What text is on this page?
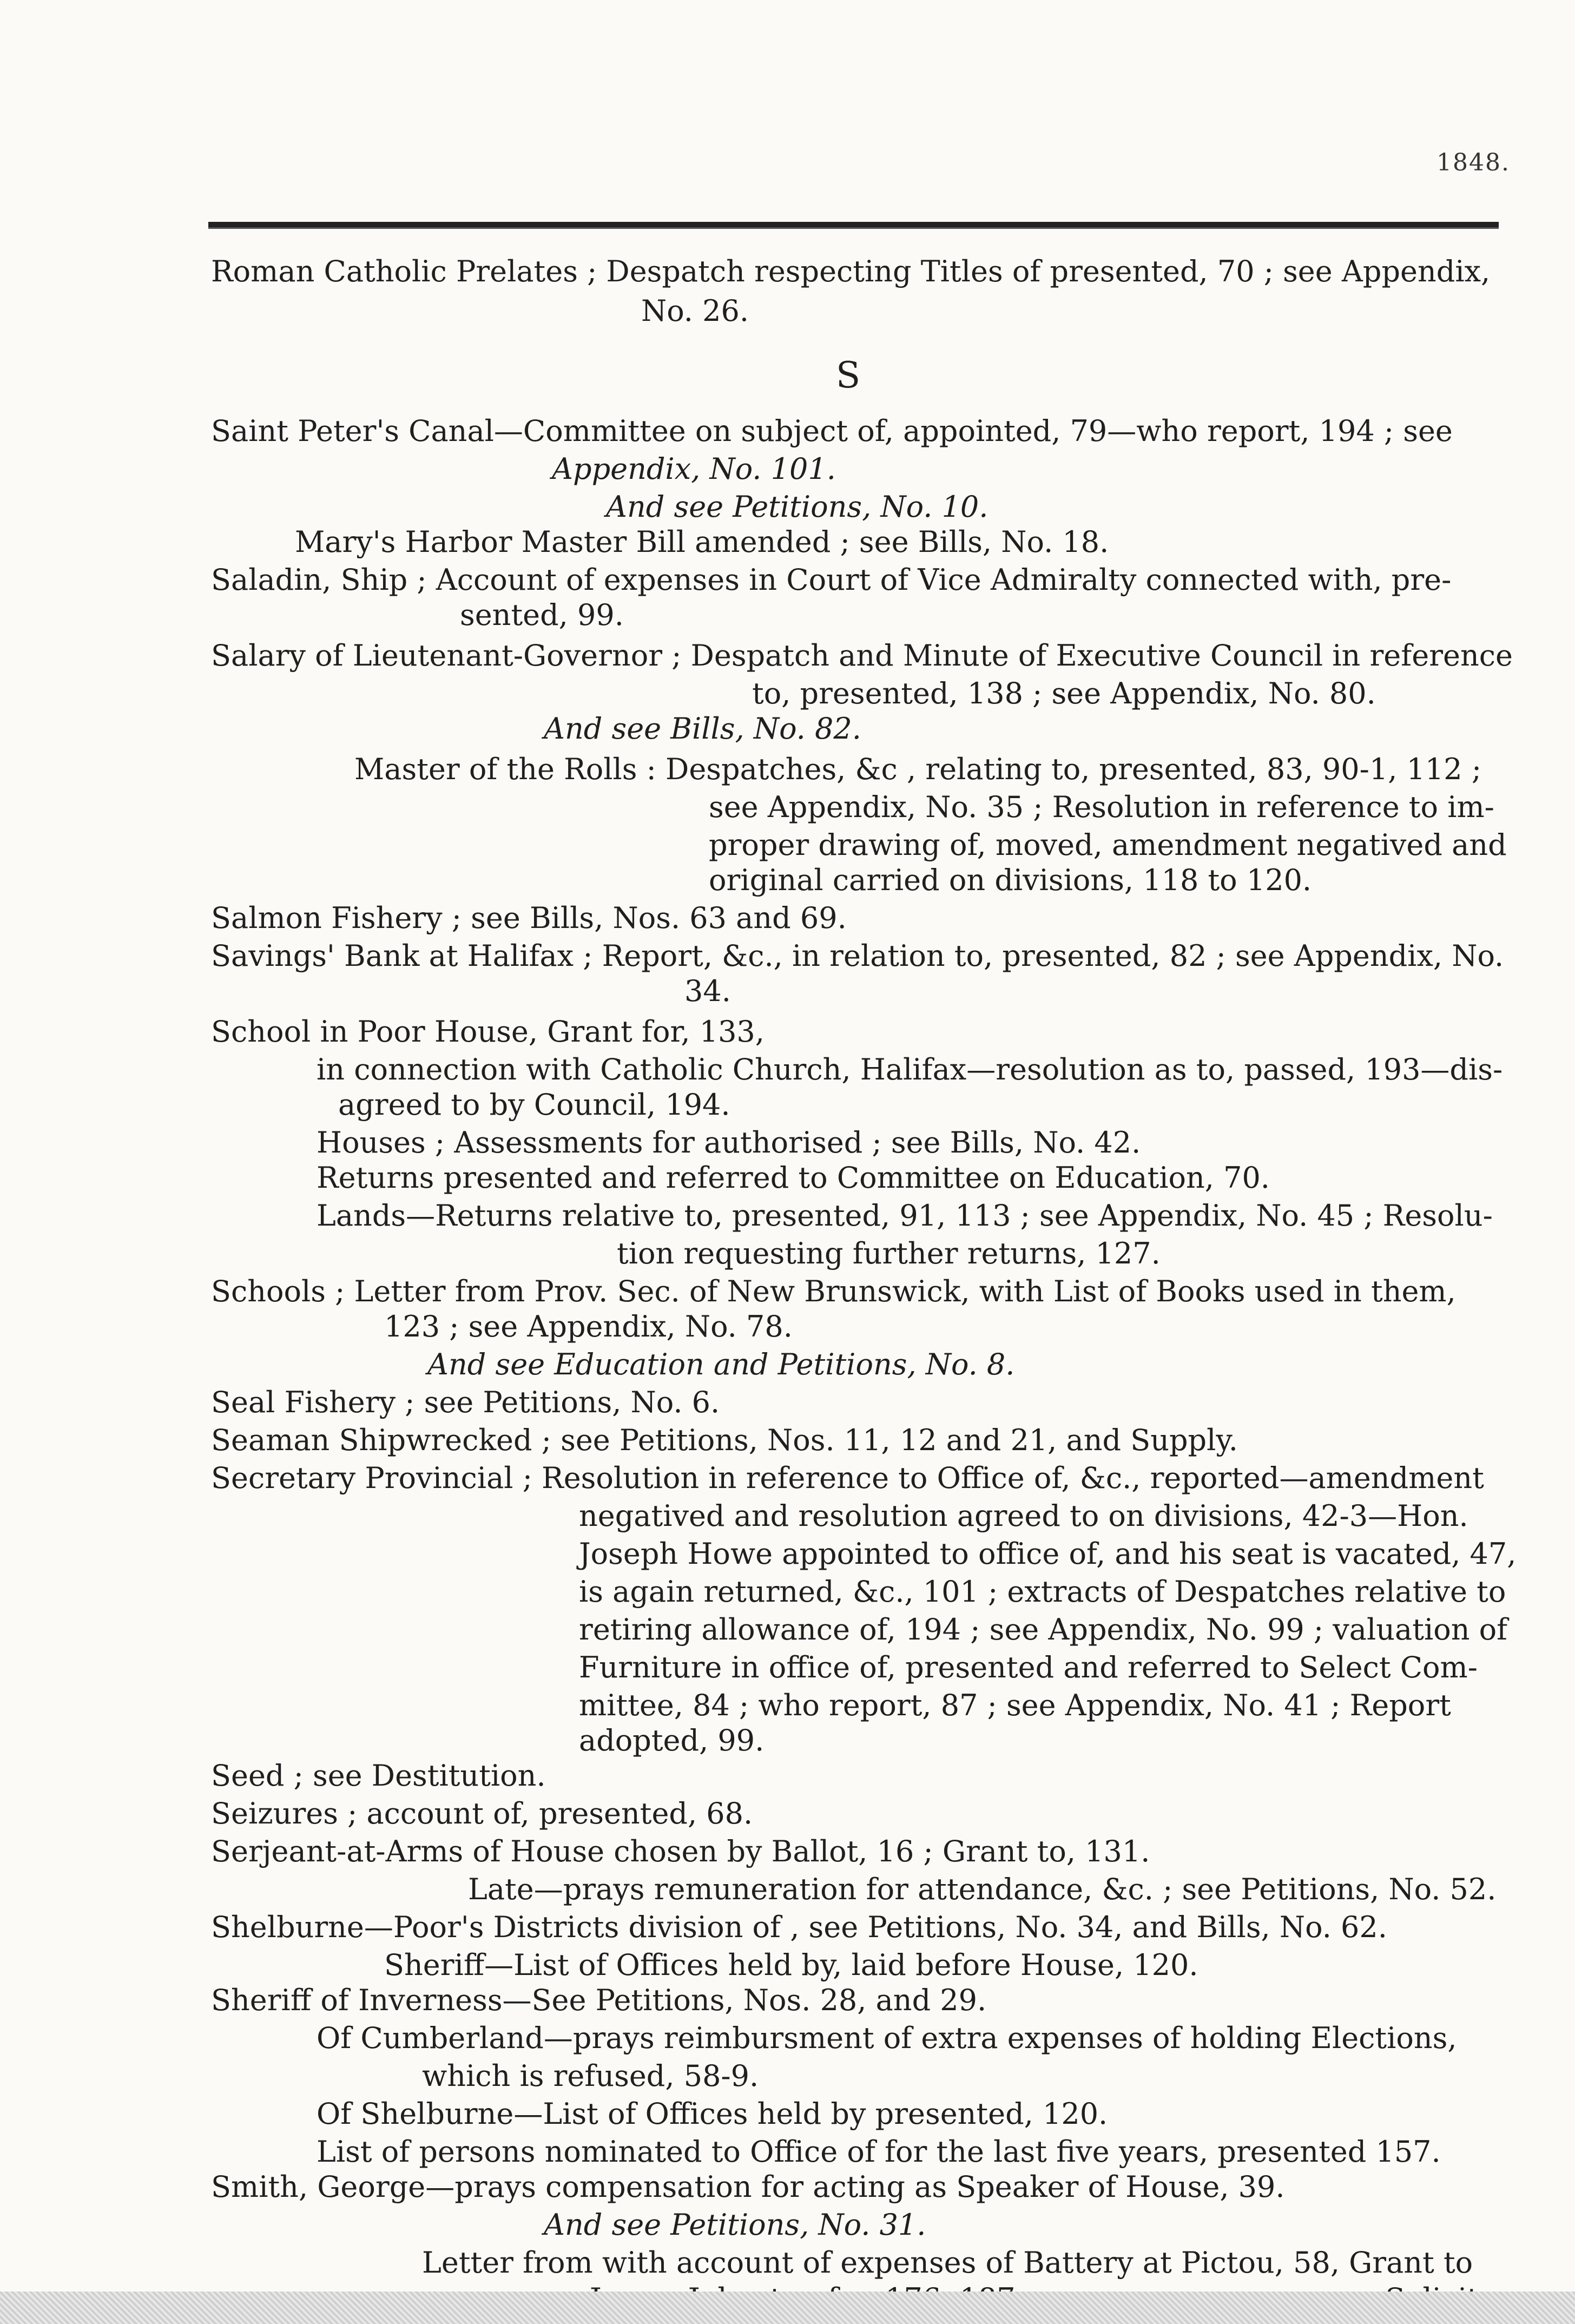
1848.
S
Roman Catholic Prelates ; Despatch respecting Titles of presented, 70 ; see Appendix,
No. 26.
Saint Peter's Canal—Committee on subject of, appointed, 79—who report, 194 ; see
Appendix, No. 101.
And see Petitions, No. 10.
Mary's Harbor Master Bill amended ; see Bills, No. 18.
Saladin, Ship ; Account of expenses in Court of Vice Admiralty connected with, pre-
sented, 99.
Salary of Lieutenant-Governor ; Despatch and Minute of Executive Council in reference
to, presented, 138 ; see Appendix, No. 80.
And see Bills, No. 82.
Master of the Rolls : Despatches, &c , relating to, presented, 83, 90-1, 112 ;
see Appendix, No. 35 ; Resolution in reference to im-
proper drawing of, moved, amendment negatived and
original carried on divisions, 118 to 120.
Salmon Fishery ; see Bills, Nos. 63 and 69.
Savings' Bank at Halifax ; Report, &c., in relation to, presented, 82 ; see Appendix, No.
34.
School in Poor House, Grant for, 133,
in connection with Catholic Church, Halifax—resolution as to, passed, 193—dis-
agreed to by Council, 194.
Houses ; Assessments for authorised ; see Bills, No. 42.
Returns presented and referred to Committee on Education, 70.
Lands—Returns relative to, presented, 91, 113 ; see Appendix, No. 45 ; Resolu-
tion requesting further returns, 127.
Schools ; Letter from Prov. Sec. of New Brunswick, with List of Books used in them,
123 ; see Appendix, No. 78.
And see Education and Petitions, No. 8.
Seal Fishery ; see Petitions, No. 6.
Seaman Shipwrecked ; see Petitions, Nos. 11, 12 and 21, and Supply.
Secretary Provincial ; Resolution in reference to Office of, &c., reported—amendment
negatived and resolution agreed to on divisions, 42-3—Hon.
Joseph Howe appointed to office of, and his seat is vacated, 47,
is again returned, &c., 101 ; extracts of Despatches relative to
retiring allowance of, 194 ; see Appendix, No. 99 ; valuation of
Furniture in office of, presented and referred to Select Com-
mittee, 84 ; who report, 87 ; see Appendix, No. 41 ; Report
adopted, 99.
Seed ; see Destitution.
Seizures ; account of, presented, 68.
Serjeant-at-Arms of House chosen by Ballot, 16 ; Grant to, 131.
Late—prays remuneration for attendance, &c. ; see Petitions, No. 52.
Shelburne—Poor's Districts division of , see Petitions, No. 34, and Bills, No. 62.
Sheriff—List of Offices held by, laid before House, 120.
Sheriff of Inverness—See Petitions, Nos. 28, and 29.
Of Cumberland—prays reimbursment of extra expenses of holding Elections,
which is refused, 58-9.
Of Shelburne—List of Offices held by presented, 120.
List of persons nominated to Office of for the last five years, presented 157.
Smith, George—prays compensation for acting as Speaker of House, 39.
And see Petitions, No. 31.
Letter from with account of expenses of Battery at Pictou, 58, Grant to
